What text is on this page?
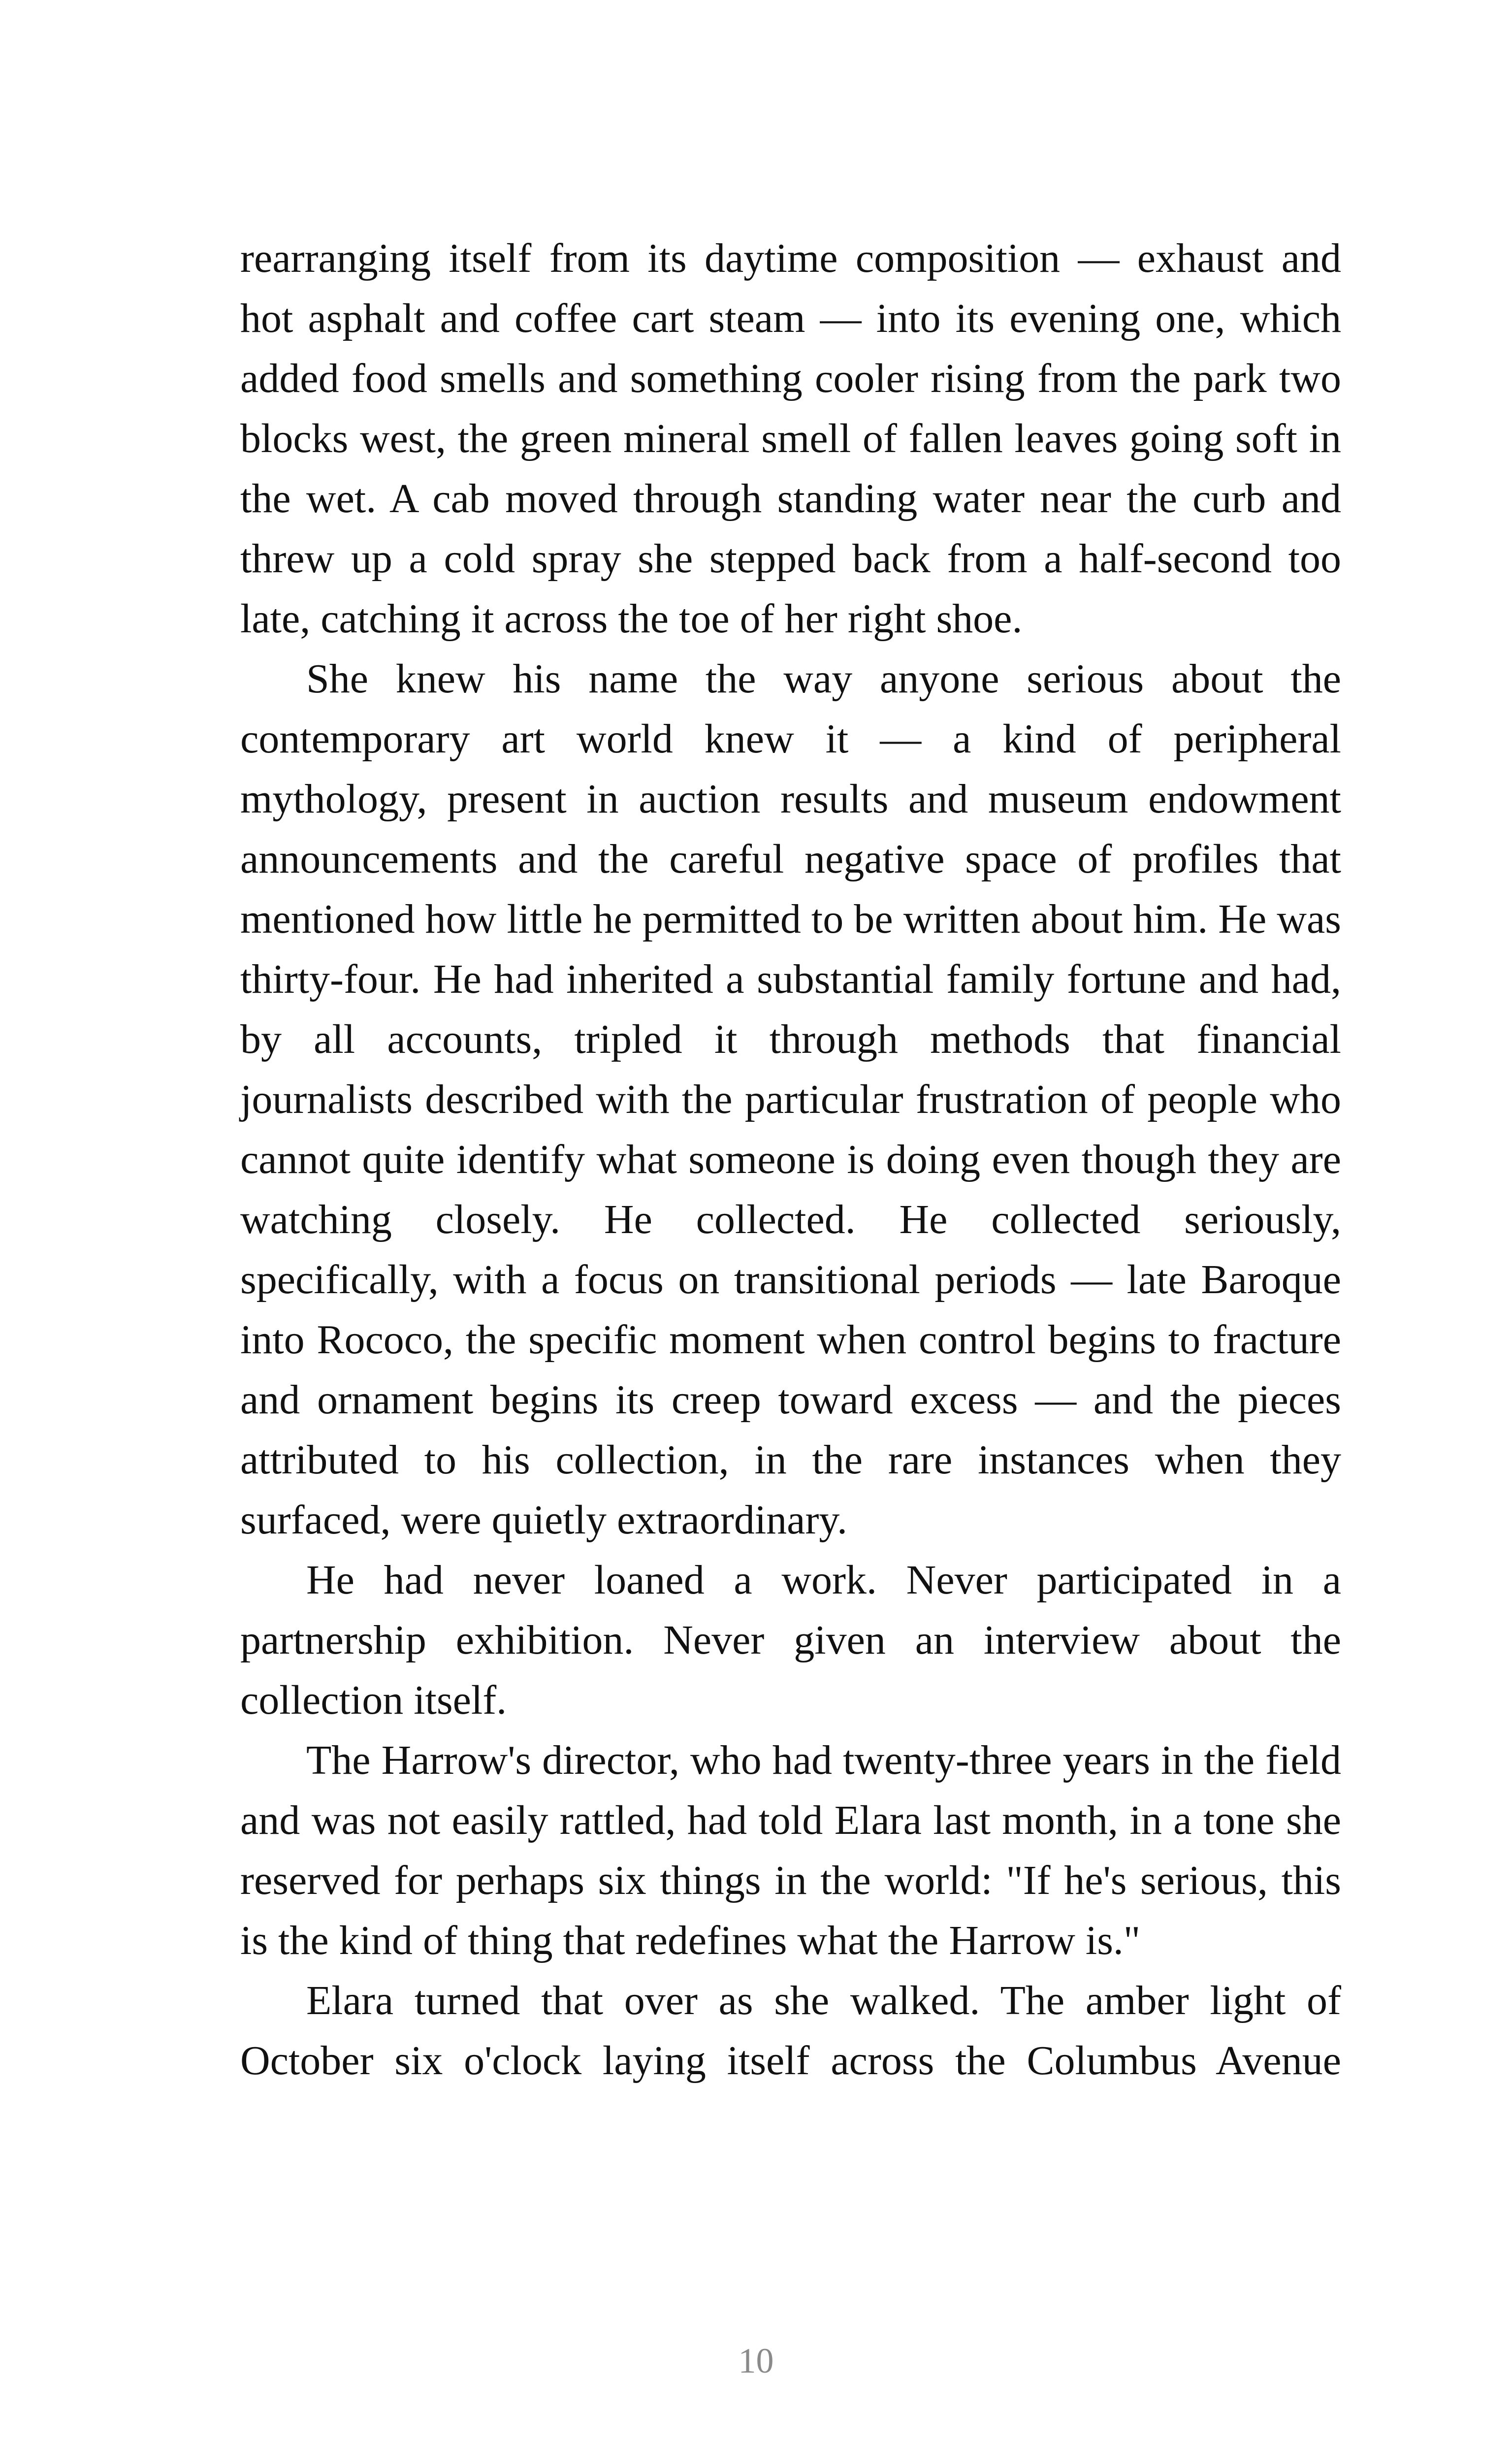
rearranging itself from its daytime composition — exhaust and hot asphalt and coffee cart steam — into its evening one, which added food smells and something cooler rising from the park two blocks west, the green mineral smell of fallen leaves going soft in the wet. A cab moved through standing water near the curb and threw up a cold spray she stepped back from a half-second too late, catching it across the toe of her right shoe.

She knew his name the way anyone serious about the contemporary art world knew it — a kind of peripheral mythology, present in auction results and museum endowment announcements and the careful negative space of profiles that mentioned how little he permitted to be written about him. He was thirty-four. He had inherited a substantial family fortune and had, by all accounts, tripled it through methods that financial journalists described with the particular frustration of people who cannot quite identify what someone is doing even though they are watching closely. He collected. He collected seriously, specifically, with a focus on transitional periods — late Baroque into Rococo, the specific moment when control begins to fracture and ornament begins its creep toward excess — and the pieces attributed to his collection, in the rare instances when they surfaced, were quietly extraordinary.

He had never loaned a work. Never participated in a partnership exhibition. Never given an interview about the collection itself.

The Harrow's director, who had twenty-three years in the field and was not easily rattled, had told Elara last month, in a tone she reserved for perhaps six things in the world: "If he's serious, this is the kind of thing that redefines what the Harrow is."

Elara turned that over as she walked. The amber light of October six o'clock laying itself across the Columbus Avenue

10
